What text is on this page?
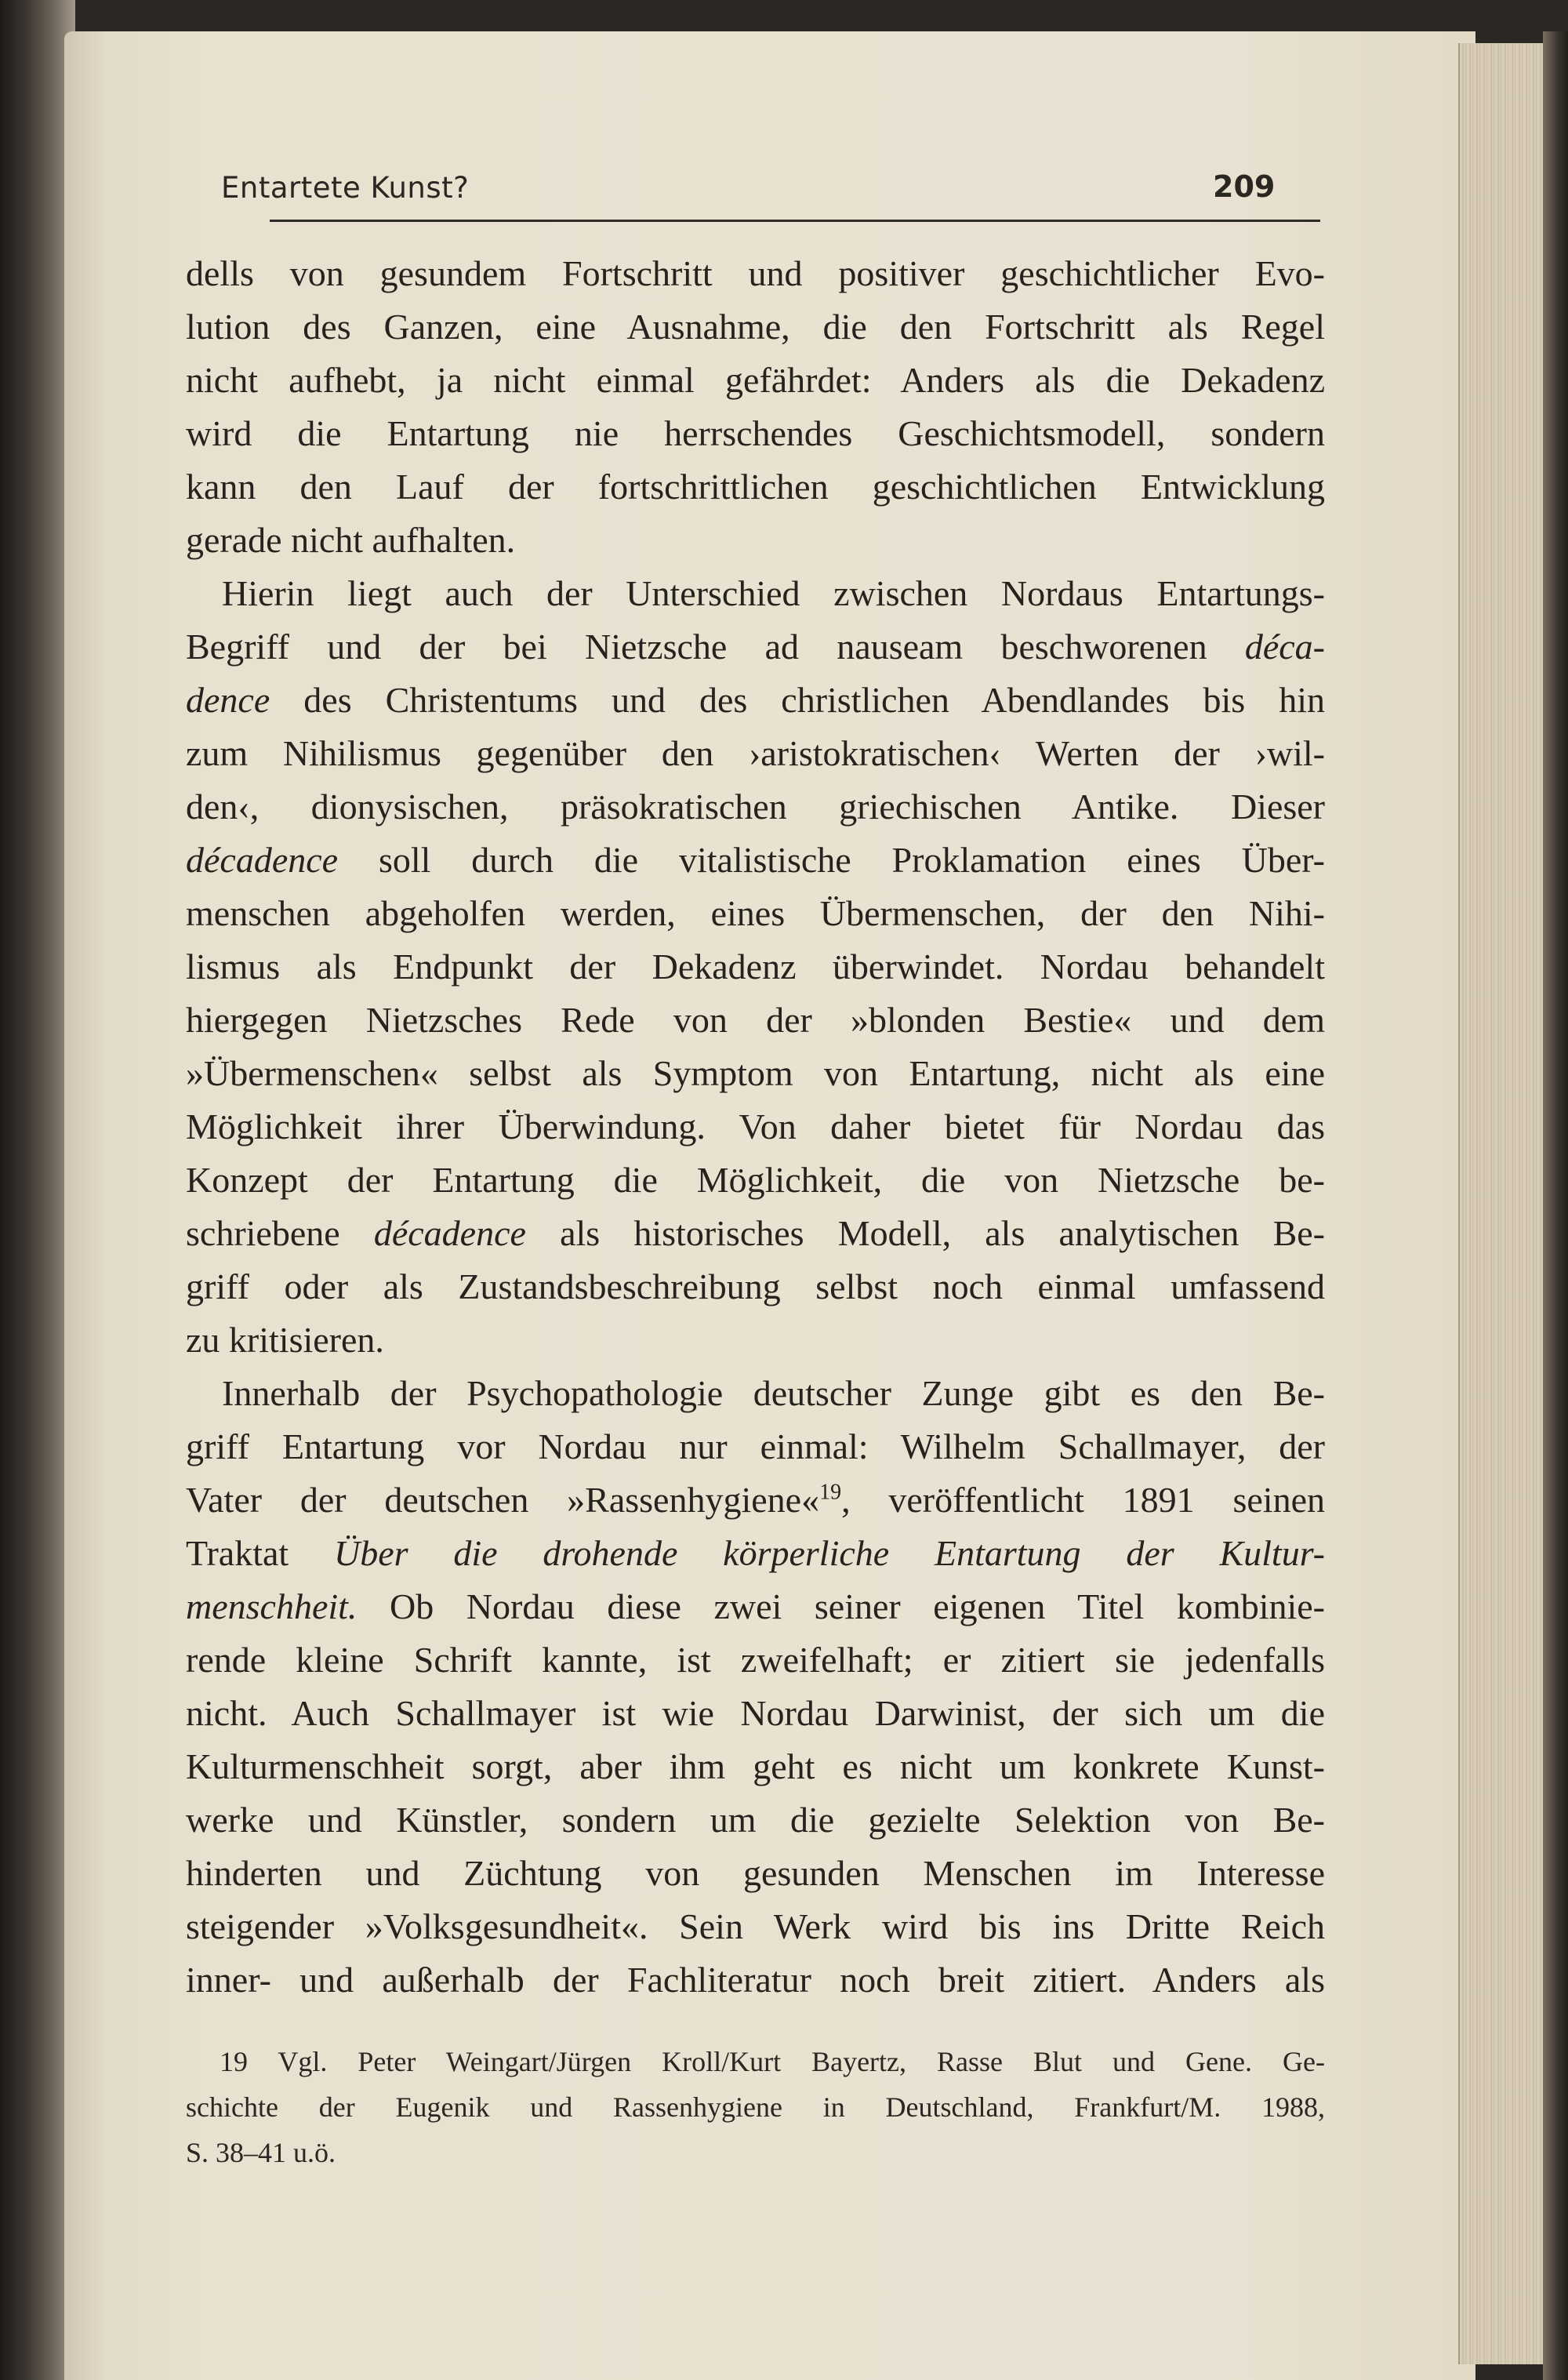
Entartete Kunst?	209
dells von gesundem Fortschritt und positiver geschichtlicher Evo-
lution des Ganzen, eine Ausnahme, die den Fortschritt als Regel
nicht aufhebt, ja nicht einmal gefährdet: Anders als die Dekadenz
wird die Entartung nie herrschendes Geschichtsmodell, sondern
kann den Lauf der fortschrittlichen geschichtlichen Entwicklung
gerade nicht aufhalten.
Hierin liegt auch der Unterschied zwischen Nordaus Entartungs-
Begriff und der bei Nietzsche ad nauseam beschworenen déca-
dence des Christentums und des christlichen Abendlandes bis hin
zum Nihilismus gegenüber den ›aristokratischen‹ Werten der ›wil-
den‹, dionysischen, präsokratischen griechischen Antike. Dieser
décadence soll durch die vitalistische Proklamation eines Über-
menschen abgeholfen werden, eines Übermenschen, der den Nihi-
lismus als Endpunkt der Dekadenz überwindet. Nordau behandelt
hiergegen Nietzsches Rede von der »blonden Bestie« und dem
»Übermenschen« selbst als Symptom von Entartung, nicht als eine
Möglichkeit ihrer Überwindung. Von daher bietet für Nordau das
Konzept der Entartung die Möglichkeit, die von Nietzsche be-
schriebene décadence als historisches Modell, als analytischen Be-
griff oder als Zustandsbeschreibung selbst noch einmal umfassend
zu kritisieren.
Innerhalb der Psychopathologie deutscher Zunge gibt es den Be-
griff Entartung vor Nordau nur einmal: Wilhelm Schallmayer, der
Vater der deutschen »Rassenhygiene«$^{19}$, veröffentlicht 1891 seinen
Traktat Über die drohende körperliche Entartung der Kultur-
menschheit. Ob Nordau diese zwei seiner eigenen Titel kombinie-
rende kleine Schrift kannte, ist zweifelhaft; er zitiert sie jedenfalls
nicht. Auch Schallmayer ist wie Nordau Darwinist, der sich um die
Kulturmenschheit sorgt, aber ihm geht es nicht um konkrete Kunst-
werke und Künstler, sondern um die gezielte Selektion von Be-
hinderten und Züchtung von gesunden Menschen im Interesse
steigender »Volksgesundheit«. Sein Werk wird bis ins Dritte Reich
inner- und außerhalb der Fachliteratur noch breit zitiert. Anders als
19 Vgl. Peter Weingart/Jürgen Kroll/Kurt Bayertz, Rasse Blut und Gene. Ge-
schichte der Eugenik und Rassenhygiene in Deutschland, Frankfurt/M. 1988,
S. 38–41 u.ö.
